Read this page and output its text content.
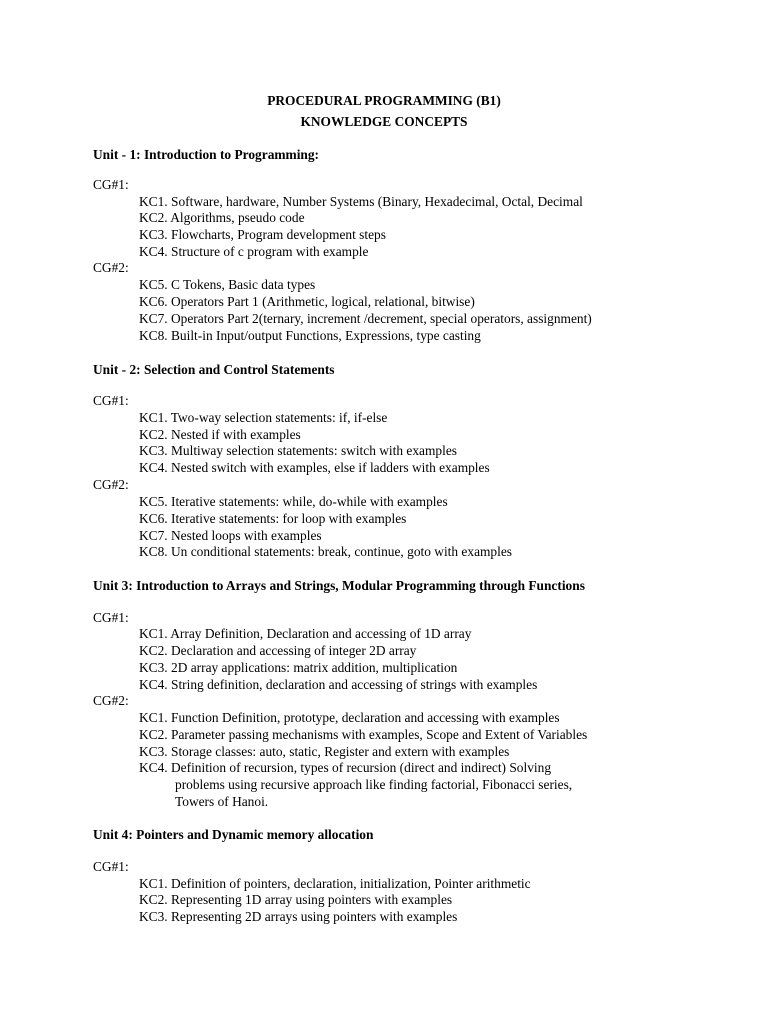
PROCEDURAL PROGRAMMING (B1)
KNOWLEDGE CONCEPTS
Unit - 1: Introduction to Programming:
CG#1:
KC1. Software, hardware, Number Systems (Binary, Hexadecimal, Octal, Decimal
KC2. Algorithms, pseudo code
KC3. Flowcharts, Program development steps
KC4. Structure of c program with example
CG#2:
KC5. C Tokens, Basic data types
KC6. Operators Part 1 (Arithmetic, logical, relational, bitwise)
KC7. Operators Part 2(ternary, increment /decrement, special operators, assignment)
KC8. Built-in Input/output Functions, Expressions, type casting
Unit - 2: Selection and Control Statements
CG#1:
KC1. Two-way selection statements: if, if-else
KC2. Nested if with examples
KC3. Multiway selection statements: switch with examples
KC4. Nested switch with examples, else if ladders with examples
CG#2:
KC5. Iterative statements: while, do-while with examples
KC6. Iterative statements: for loop with examples
KC7. Nested loops with examples
KC8. Un conditional statements: break, continue, goto with examples
Unit 3: Introduction to Arrays and Strings, Modular Programming through Functions
CG#1:
KC1. Array Definition, Declaration and accessing of 1D array
KC2. Declaration and accessing of integer 2D array
KC3. 2D array applications: matrix addition, multiplication
KC4. String definition, declaration and accessing of strings with examples
CG#2:
KC1. Function Definition, prototype, declaration and accessing with examples
KC2. Parameter passing mechanisms with examples, Scope and Extent of Variables
KC3. Storage classes: auto, static, Register and extern with examples
KC4. Definition of recursion, types of recursion (direct and indirect) Solving
problems using recursive approach like finding factorial, Fibonacci series,
Towers of Hanoi.
Unit 4: Pointers and Dynamic memory allocation
CG#1:
KC1. Definition of pointers, declaration, initialization, Pointer arithmetic
KC2. Representing 1D array using pointers with examples
KC3. Representing 2D arrays using pointers with examples
